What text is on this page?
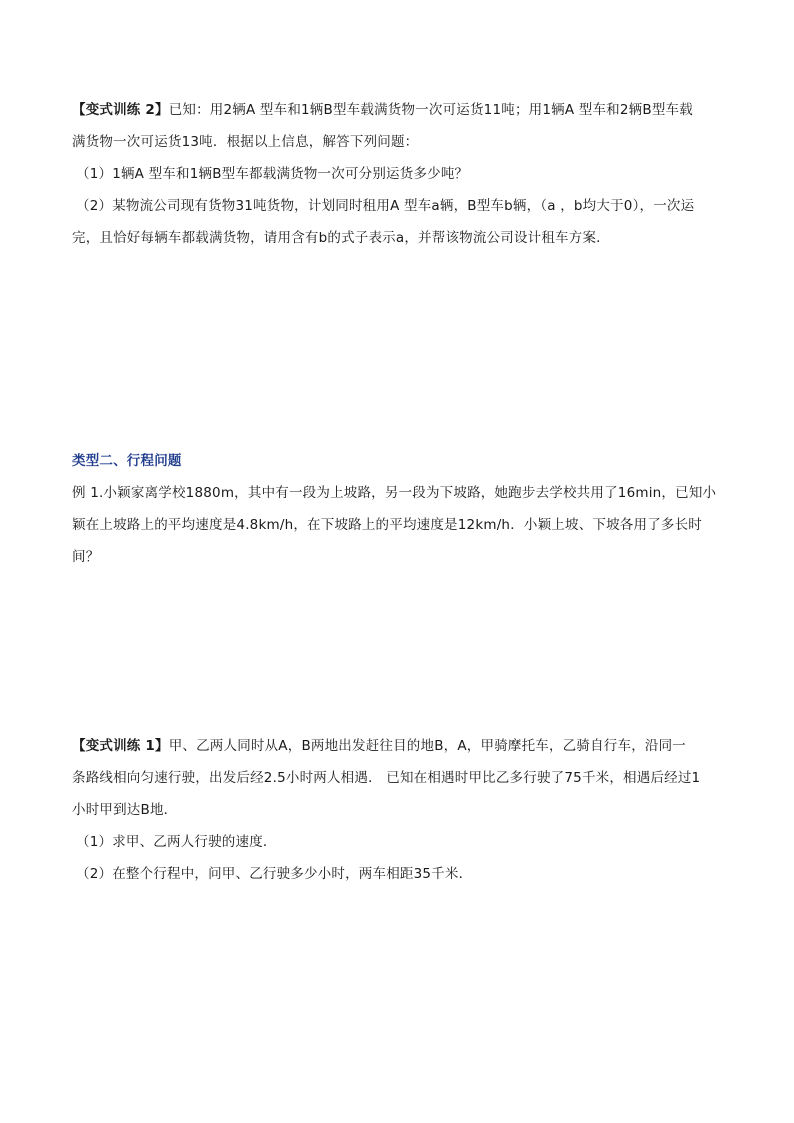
【变式训练 2】已知：用2辆A 型车和1辆B型车载满货物一次可运货11吨；用1辆A 型车和2辆B型车载
满货物一次可运货13吨．根据以上信息，解答下列问题：
（1）1辆A 型车和1辆B型车都载满货物一次可分别运货多少吨？
（2）某物流公司现有货物31吨货物，计划同时租用A 型车a辆，B型车b辆，（a ，b均大于0），一次运
完，且恰好每辆车都载满货物，请用含有b的式子表示a，并帮该物流公司设计租车方案．
类型二、行程问题
例 1.小颖家离学校1880m，其中有一段为上坡路，另一段为下坡路，她跑步去学校共用了16min，已知小
颖在上坡路上的平均速度是4.8km/h，在下坡路上的平均速度是12km/h．小颖上坡、下坡各用了多长时
间？
【变式训练 1】甲、乙两人同时从A，B两地出发赶往目的地B，A，甲骑摩托车，乙骑自行车，沿同一
条路线相向匀速行驶，出发后经2.5小时两人相遇． 已知在相遇时甲比乙多行驶了75千米，相遇后经过1
小时甲到达B地．
（1）求甲、乙两人行驶的速度．
（2）在整个行程中，问甲、乙行驶多少小时，两车相距35千米．
